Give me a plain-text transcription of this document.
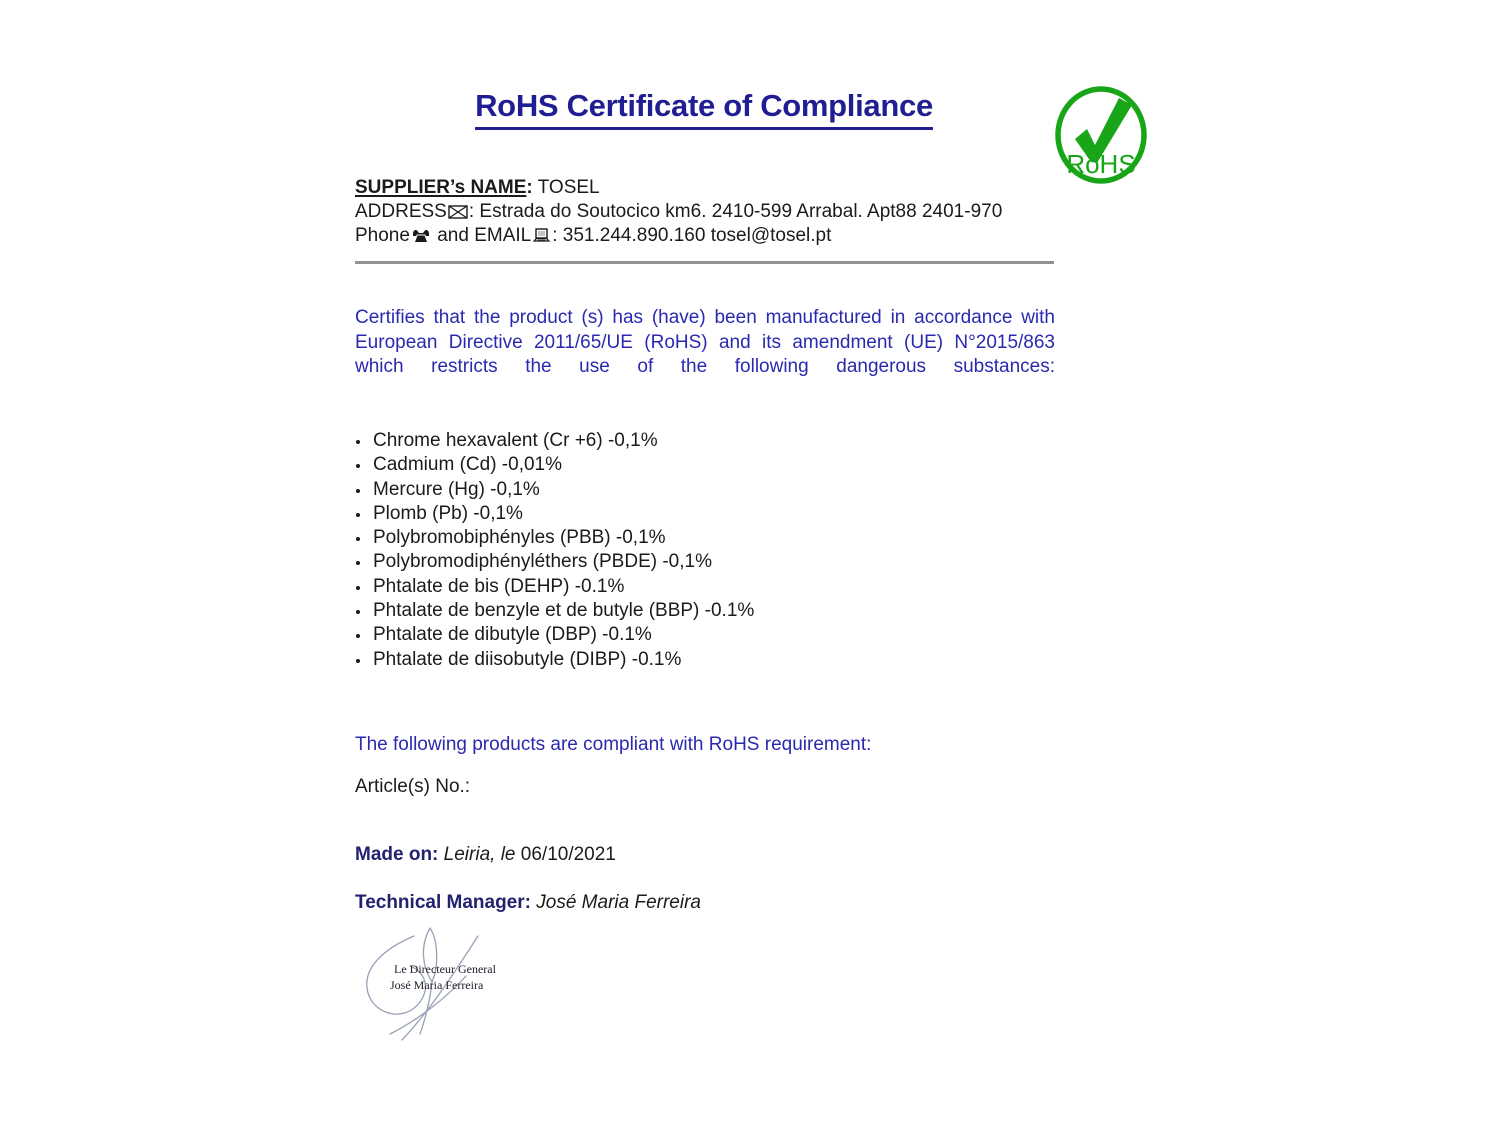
RoHS Certificate of Compliance
RoHS
SUPPLIER’s NAME: TOSEL
ADDRESS : Estrada do Soutocico km6. 2410-599 Arrabal. Apt88 2401-970
Phone and EMAIL : 351.244.890.160 tosel@tosel.pt

Certifies that the product (s) has (have) been manufactured in accordance with European Directive 2011/65/UE (RoHS) and its amendment (UE) N°2015/863 which restricts the use of the following dangerous substances:

• Chrome hexavalent (Cr +6) -0,1%
• Cadmium (Cd) -0,01%
• Mercure (Hg) -0,1%
• Plomb (Pb) -0,1%
• Polybromobiphényles (PBB) -0,1%
• Polybromodiphényléthers (PBDE) -0,1%
• Phtalate de bis (DEHP) -0.1%
• Phtalate de benzyle et de butyle (BBP) -0.1%
• Phtalate de dibutyle (DBP) -0.1%
• Phtalate de diisobutyle (DIBP) -0.1%

The following products are compliant with RoHS requirement:

Article(s) No.:

Made on: Leiria, le 06/10/2021

Technical Manager: José Maria Ferreira

Le Directeur General
José Maria Ferreira
